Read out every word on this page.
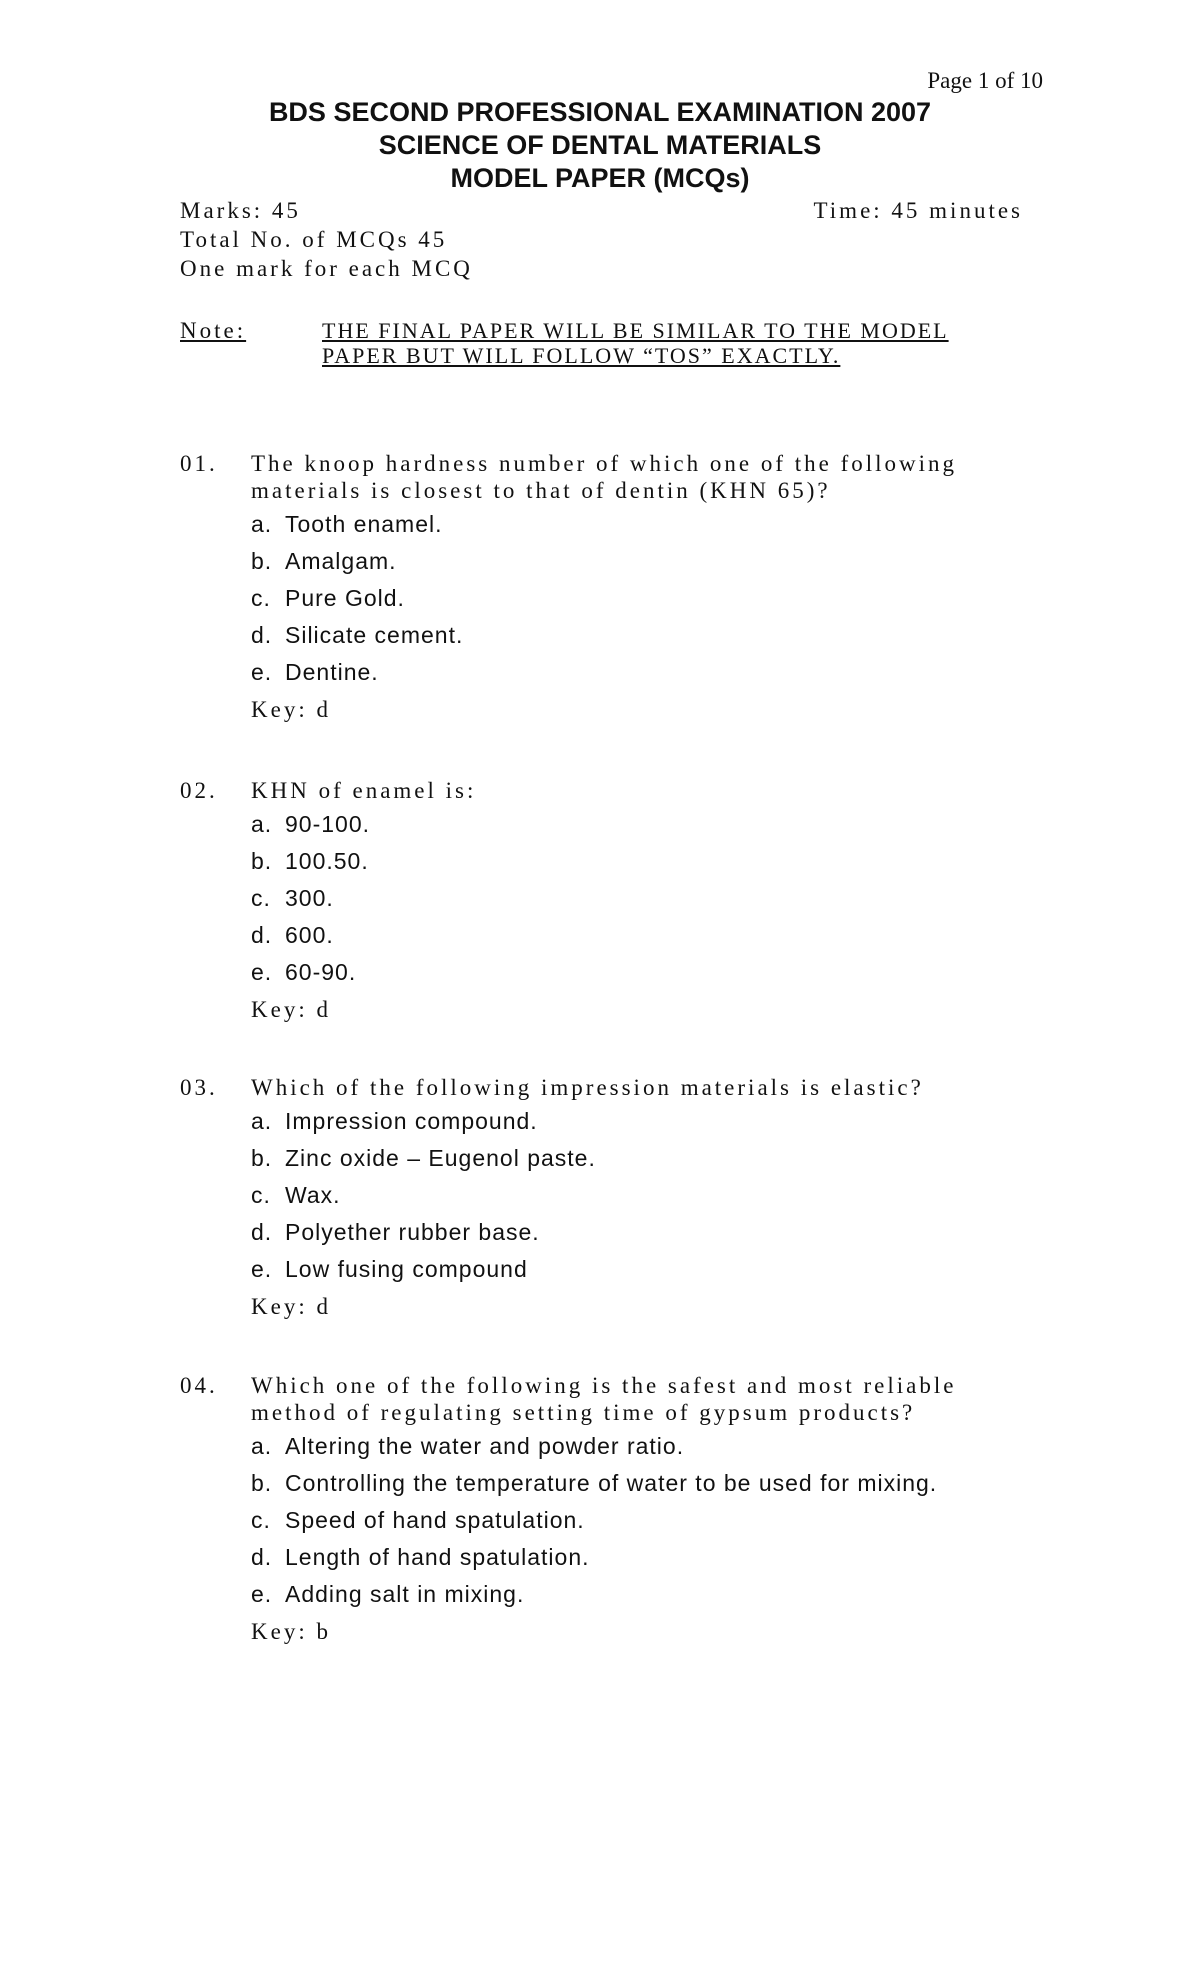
Page 1 of 10
BDS SECOND PROFESSIONAL EXAMINATION 2007
SCIENCE OF DENTAL MATERIALS
MODEL PAPER (MCQs)
Marks: 45	Time: 45 minutes
Total No. of MCQs 45
One mark for each MCQ
Note:	THE FINAL PAPER WILL BE SIMILAR TO THE MODEL
PAPER BUT WILL FOLLOW “TOS” EXACTLY.
01.	The knoop hardness number of which one of the following materials is closest to that of dentin (KHN 65)?
a. Tooth enamel.
b. Amalgam.
c. Pure Gold.
d. Silicate cement.
e. Dentine.
Key: d
02.	KHN of enamel is:
a. 90-100.
b. 100.50.
c. 300.
d. 600.
e. 60-90.
Key: d
03.	Which of the following impression materials is elastic?
a. Impression compound.
b. Zinc oxide – Eugenol paste.
c. Wax.
d. Polyether rubber base.
e. Low fusing compound
Key: d
04.	Which one of the following is the safest and most reliable method of regulating setting time of gypsum products?
a. Altering the water and powder ratio.
b. Controlling the temperature of water to be used for mixing.
c. Speed of hand spatulation.
d. Length of hand spatulation.
e. Adding salt in mixing.
Key: b
